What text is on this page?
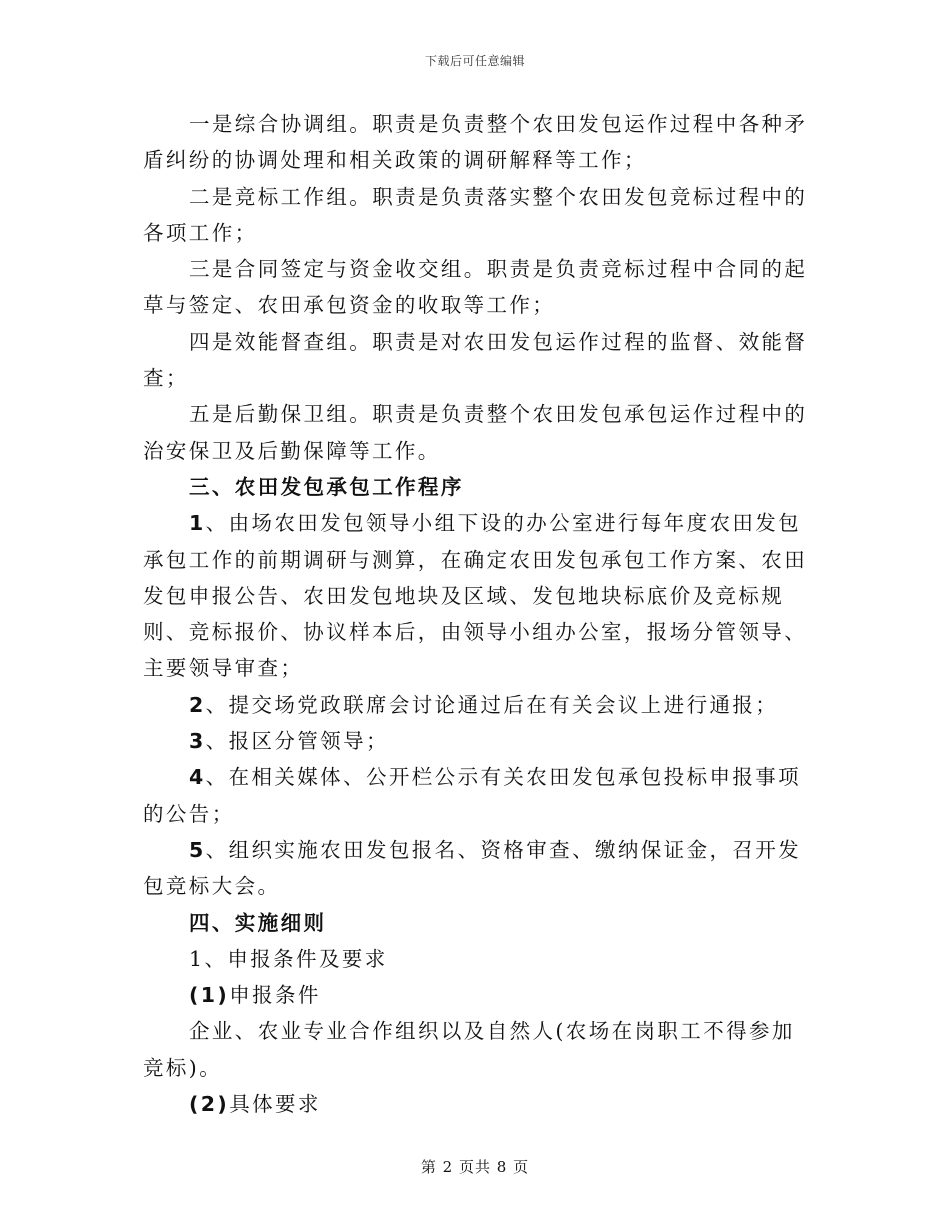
下载后可任意编辑

一是综合协调组。职责是负责整个农田发包运作过程中各种矛盾纠纷的协调处理和相关政策的调研解释等工作；

二是竞标工作组。职责是负责落实整个农田发包竞标过程中的各项工作；

三是合同签定与资金收交组。职责是负责竞标过程中合同的起草与签定、农田承包资金的收取等工作；

四是效能督查组。职责是对农田发包运作过程的监督、效能督查；

五是后勤保卫组。职责是负责整个农田发包承包运作过程中的治安保卫及后勤保障等工作。

三、农田发包承包工作程序

1、由场农田发包领导小组下设的办公室进行每年度农田发包承包工作的前期调研与测算，在确定农田发包承包工作方案、农田发包申报公告、农田发包地块及区域、发包地块标底价及竞标规则、竞标报价、协议样本后，由领导小组办公室，报场分管领导、主要领导审查；

2、提交场党政联席会讨论通过后在有关会议上进行通报；

3、报区分管领导；

4、在相关媒体、公开栏公示有关农田发包承包投标申报事项的公告；

5、组织实施农田发包报名、资格审查、缴纳保证金，召开发包竞标大会。

四、实施细则

1、申报条件及要求

(1)申报条件

企业、农业专业合作组织以及自然人(农场在岗职工不得参加竞标)。

(2)具体要求

第 2 页共 8 页
